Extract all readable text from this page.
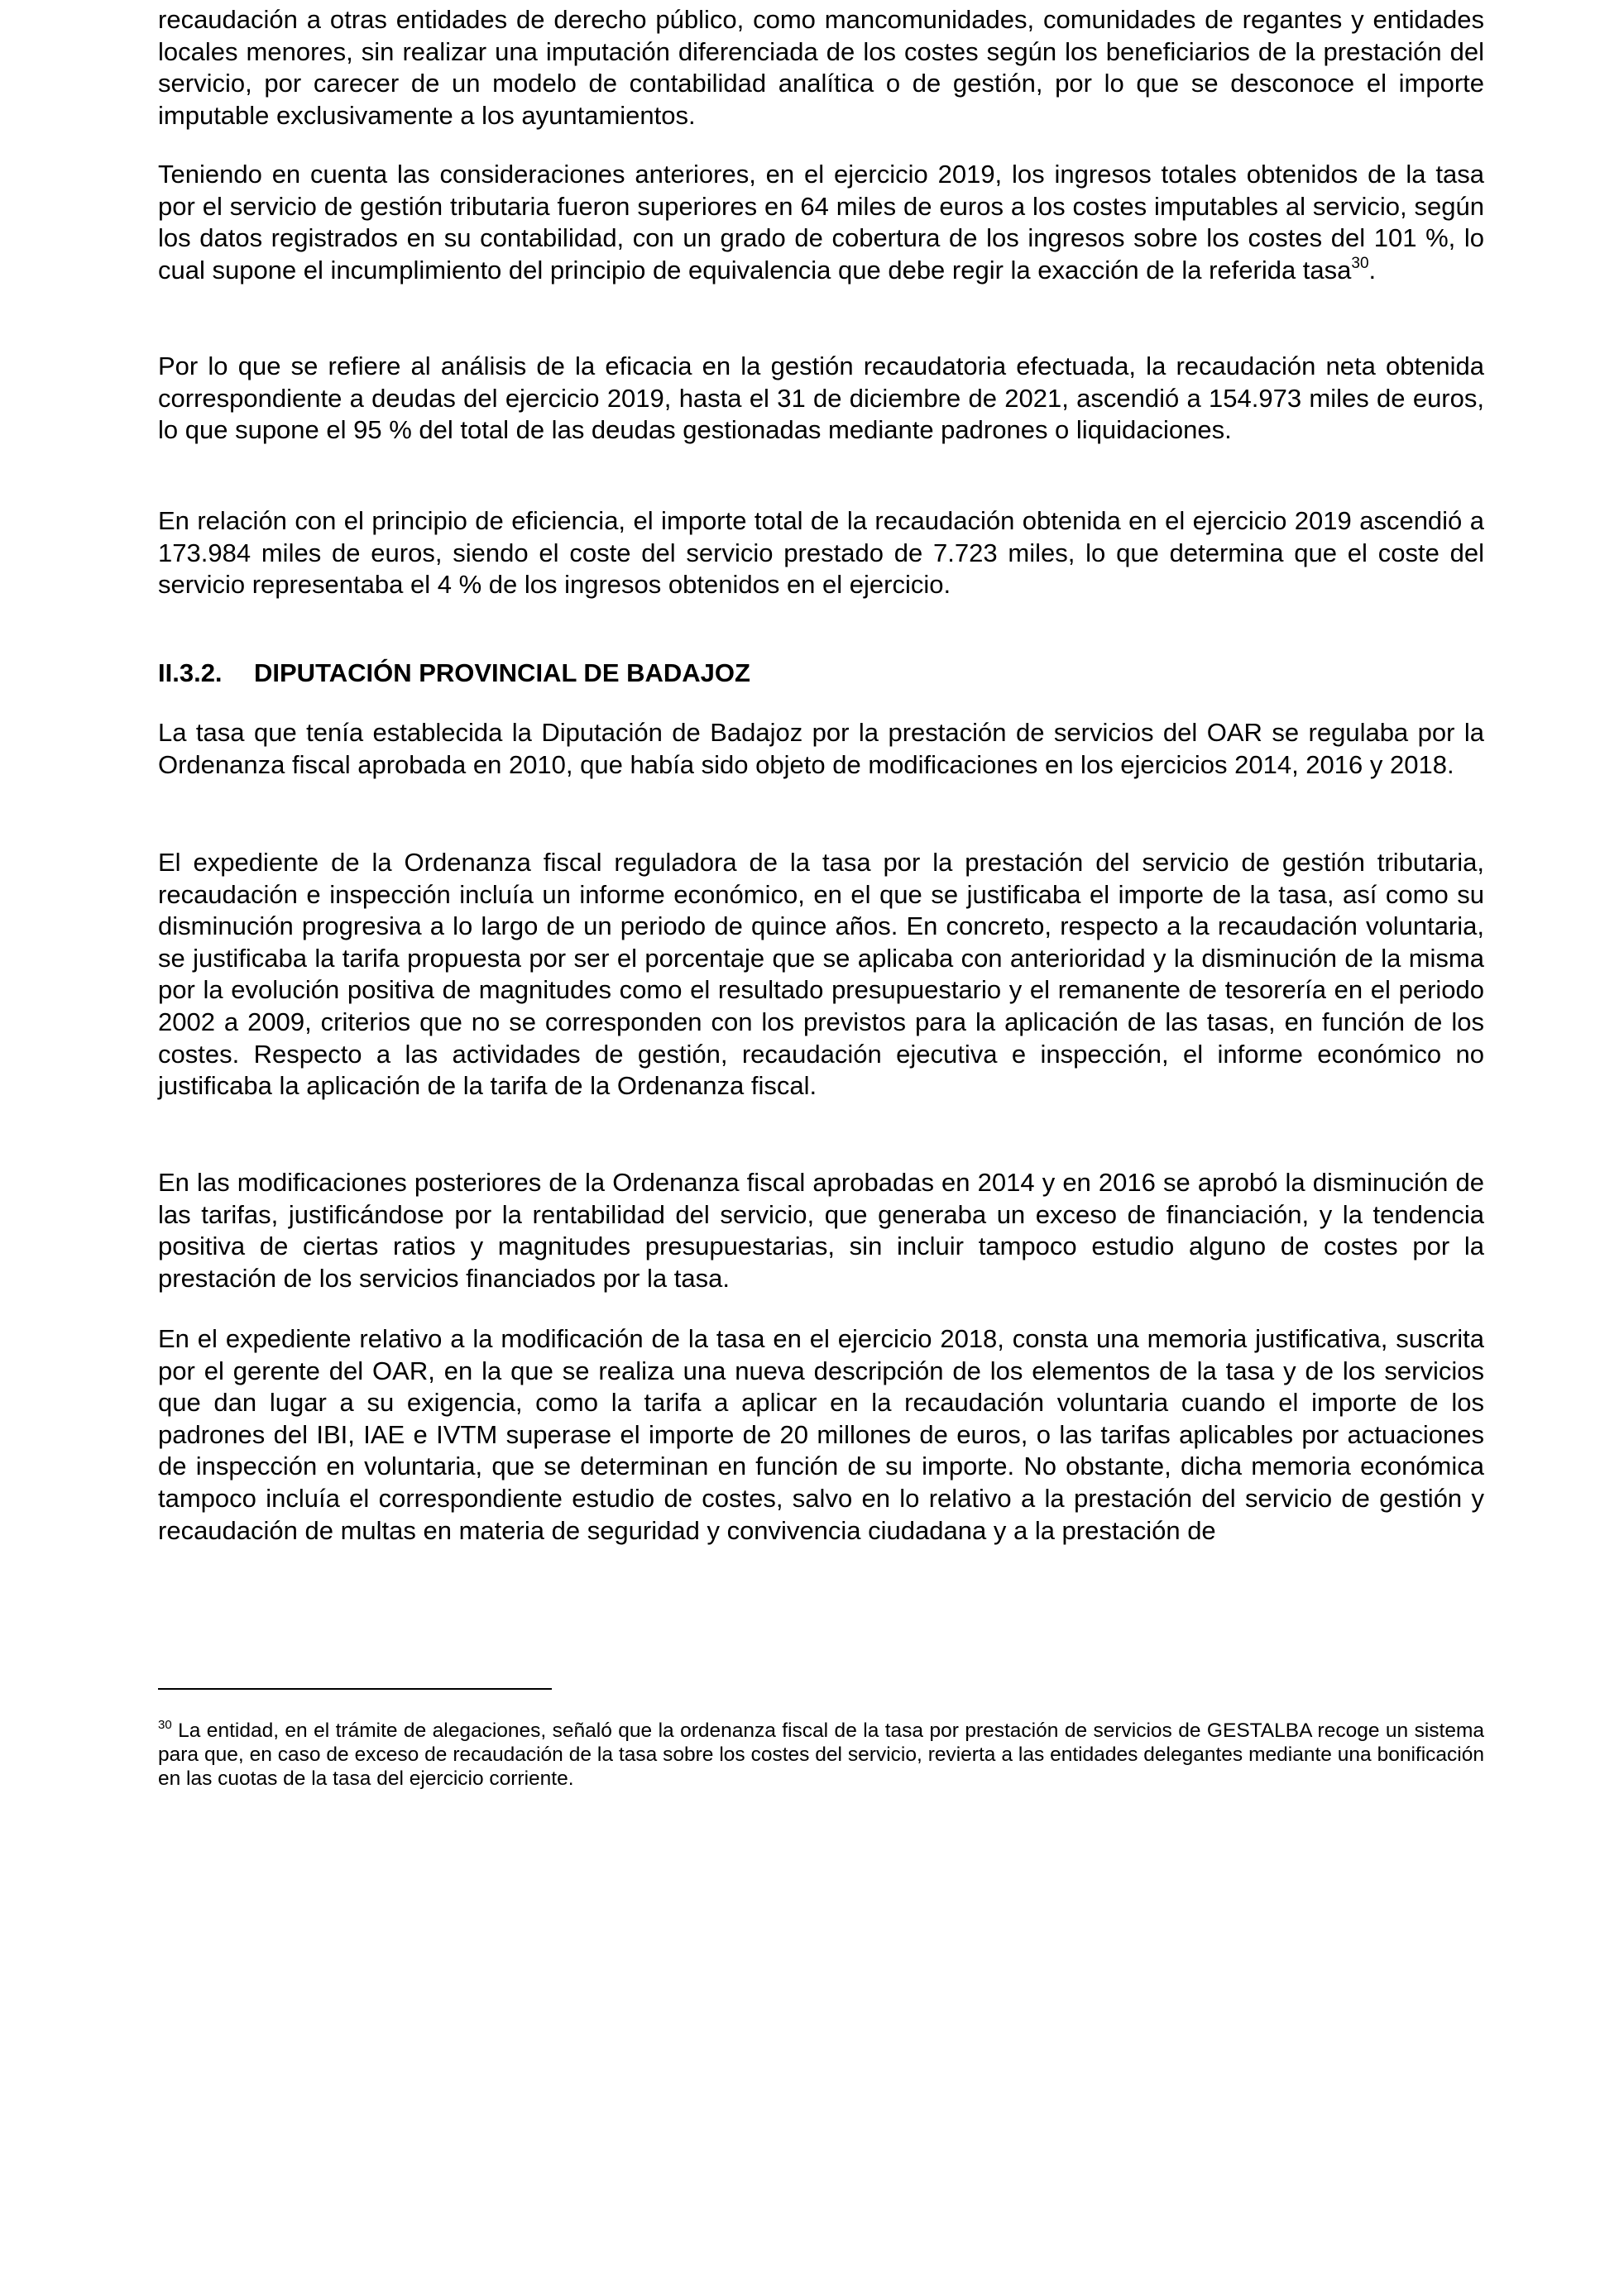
recaudación a otras entidades de derecho público, como mancomunidades, comunidades de regantes y entidades locales menores, sin realizar una imputación diferenciada de los costes según los beneficiarios de la prestación del servicio, por carecer de un modelo de contabilidad analítica o de gestión, por lo que se desconoce el importe imputable exclusivamente a los ayuntamientos.

Teniendo en cuenta las consideraciones anteriores, en el ejercicio 2019, los ingresos totales obtenidos de la tasa por el servicio de gestión tributaria fueron superiores en 64 miles de euros a los costes imputables al servicio, según los datos registrados en su contabilidad, con un grado de cobertura de los ingresos sobre los costes del 101 %, lo cual supone el incumplimiento del principio de equivalencia que debe regir la exacción de la referida tasa$^{30}$.

Por lo que se refiere al análisis de la eficacia en la gestión recaudatoria efectuada, la recaudación neta obtenida correspondiente a deudas del ejercicio 2019, hasta el 31 de diciembre de 2021, ascendió a 154.973 miles de euros, lo que supone el 95 % del total de las deudas gestionadas mediante padrones o liquidaciones.

En relación con el principio de eficiencia, el importe total de la recaudación obtenida en el ejercicio 2019 ascendió a 173.984 miles de euros, siendo el coste del servicio prestado de 7.723 miles, lo que determina que el coste del servicio representaba el 4 % de los ingresos obtenidos en el ejercicio.

II.3.2. DIPUTACIÓN PROVINCIAL DE BADAJOZ

La tasa que tenía establecida la Diputación de Badajoz por la prestación de servicios del OAR se regulaba por la Ordenanza fiscal aprobada en 2010, que había sido objeto de modificaciones en los ejercicios 2014, 2016 y 2018.

El expediente de la Ordenanza fiscal reguladora de la tasa por la prestación del servicio de gestión tributaria, recaudación e inspección incluía un informe económico, en el que se justificaba el importe de la tasa, así como su disminución progresiva a lo largo de un periodo de quince años. En concreto, respecto a la recaudación voluntaria, se justificaba la tarifa propuesta por ser el porcentaje que se aplicaba con anterioridad y la disminución de la misma por la evolución positiva de magnitudes como el resultado presupuestario y el remanente de tesorería en el periodo 2002 a 2009, criterios que no se corresponden con los previstos para la aplicación de las tasas, en función de los costes. Respecto a las actividades de gestión, recaudación ejecutiva e inspección, el informe económico no justificaba la aplicación de la tarifa de la Ordenanza fiscal.

En las modificaciones posteriores de la Ordenanza fiscal aprobadas en 2014 y en 2016 se aprobó la disminución de las tarifas, justificándose por la rentabilidad del servicio, que generaba un exceso de financiación, y la tendencia positiva de ciertas ratios y magnitudes presupuestarias, sin incluir tampoco estudio alguno de costes por la prestación de los servicios financiados por la tasa.

En el expediente relativo a la modificación de la tasa en el ejercicio 2018, consta una memoria justificativa, suscrita por el gerente del OAR, en la que se realiza una nueva descripción de los elementos de la tasa y de los servicios que dan lugar a su exigencia, como la tarifa a aplicar en la recaudación voluntaria cuando el importe de los padrones del IBI, IAE e IVTM superase el importe de 20 millones de euros, o las tarifas aplicables por actuaciones de inspección en voluntaria, que se determinan en función de su importe. No obstante, dicha memoria económica tampoco incluía el correspondiente estudio de costes, salvo en lo relativo a la prestación del servicio de gestión y recaudación de multas en materia de seguridad y convivencia ciudadana y a la prestación de

$^{30}$ La entidad, en el trámite de alegaciones, señaló que la ordenanza fiscal de la tasa por prestación de servicios de GESTALBA recoge un sistema para que, en caso de exceso de recaudación de la tasa sobre los costes del servicio, revierta a las entidades delegantes mediante una bonificación en las cuotas de la tasa del ejercicio corriente.
